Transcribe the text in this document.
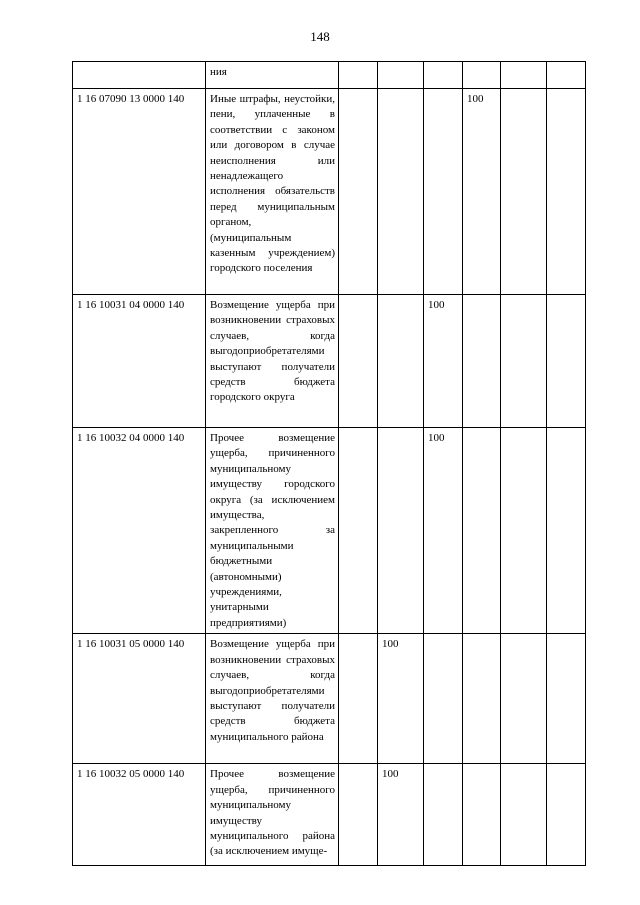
148
	ния						
1 16 07090 13 0000 140	Иные штрафы, неустойки, пени, уплаченные в соответствии с законом или договором в случае неисполнения или ненадлежащего исполнения обязательств перед муниципальным органом, (муниципальным казенным учреждением) городского поселения				100		
1 16 10031 04 0000 140	Возмещение ущерба при возникновении страховых случаев, когда выгодоприобретателями выступают получатели средств бюджета городского округа			100			
1 16 10032 04 0000 140	Прочее возмещение ущерба, причиненного муниципальному имуществу городского округа (за исключением имущества, закрепленного за муниципальными бюджетными (автономными) учреждениями, унитарными предприятиями)			100			
1 16 10031 05 0000 140	Возмещение ущерба при возникновении страховых случаев, когда выгодоприобретателями выступают получатели средств бюджета муниципального района		100				
1 16 10032 05 0000 140	Прочее возмещение ущерба, причиненного муниципальному имуществу муниципального района (за исключением имуще-		100				
